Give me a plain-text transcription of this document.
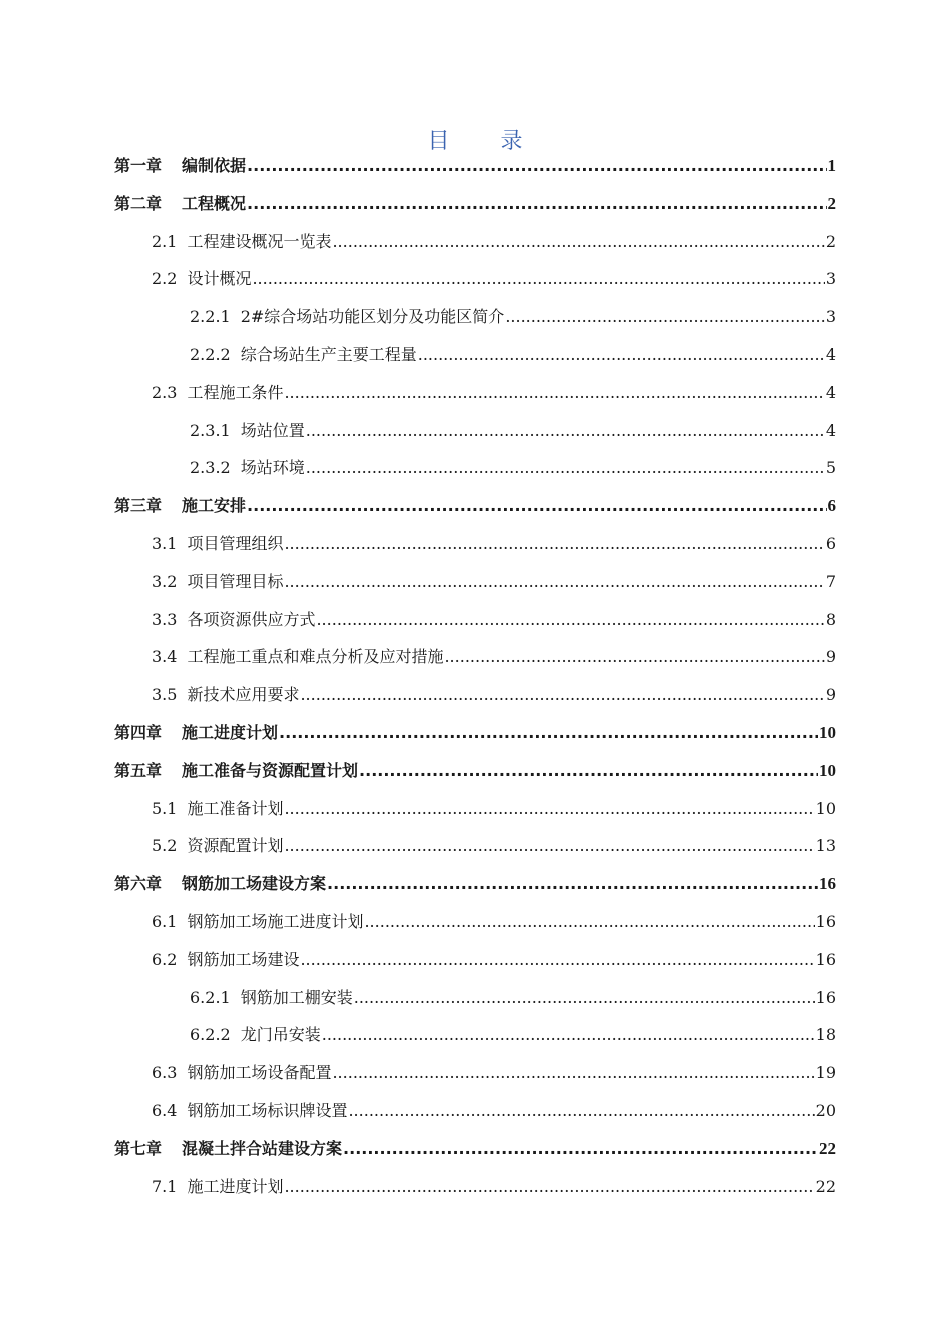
目 录
第一章 编制依据 .....	1
第二章 工程概况 .....	2
2.1 工程建设概况一览表 .....	2
2.2 设计概况 .....	3
2.2.1 2#综合场站功能区划分及功能区简介 .....	3
2.2.2 综合场站生产主要工程量 .....	4
2.3 工程施工条件 .....	4
2.3.1 场站位置 .....	4
2.3.2 场站环境 .....	5
第三章 施工安排 .....	6
3.1 项目管理组织 .....	6
3.2 项目管理目标 .....	7
3.3 各项资源供应方式 .....	8
3.4 工程施工重点和难点分析及应对措施 .....	9
3.5 新技术应用要求 .....	9
第四章 施工进度计划 .....	10
第五章 施工准备与资源配置计划 .....	10
5.1 施工准备计划 .....	10
5.2 资源配置计划 .....	13
第六章 钢筋加工场建设方案 .....	16
6.1 钢筋加工场施工进度计划 .....	16
6.2 钢筋加工场建设 .....	16
6.2.1 钢筋加工棚安装 .....	16
6.2.2 龙门吊安装 .....	18
6.3 钢筋加工场设备配置 .....	19
6.4 钢筋加工场标识牌设置 .....	20
第七章 混凝土拌合站建设方案 .....	22
7.1 施工进度计划 .....	22
